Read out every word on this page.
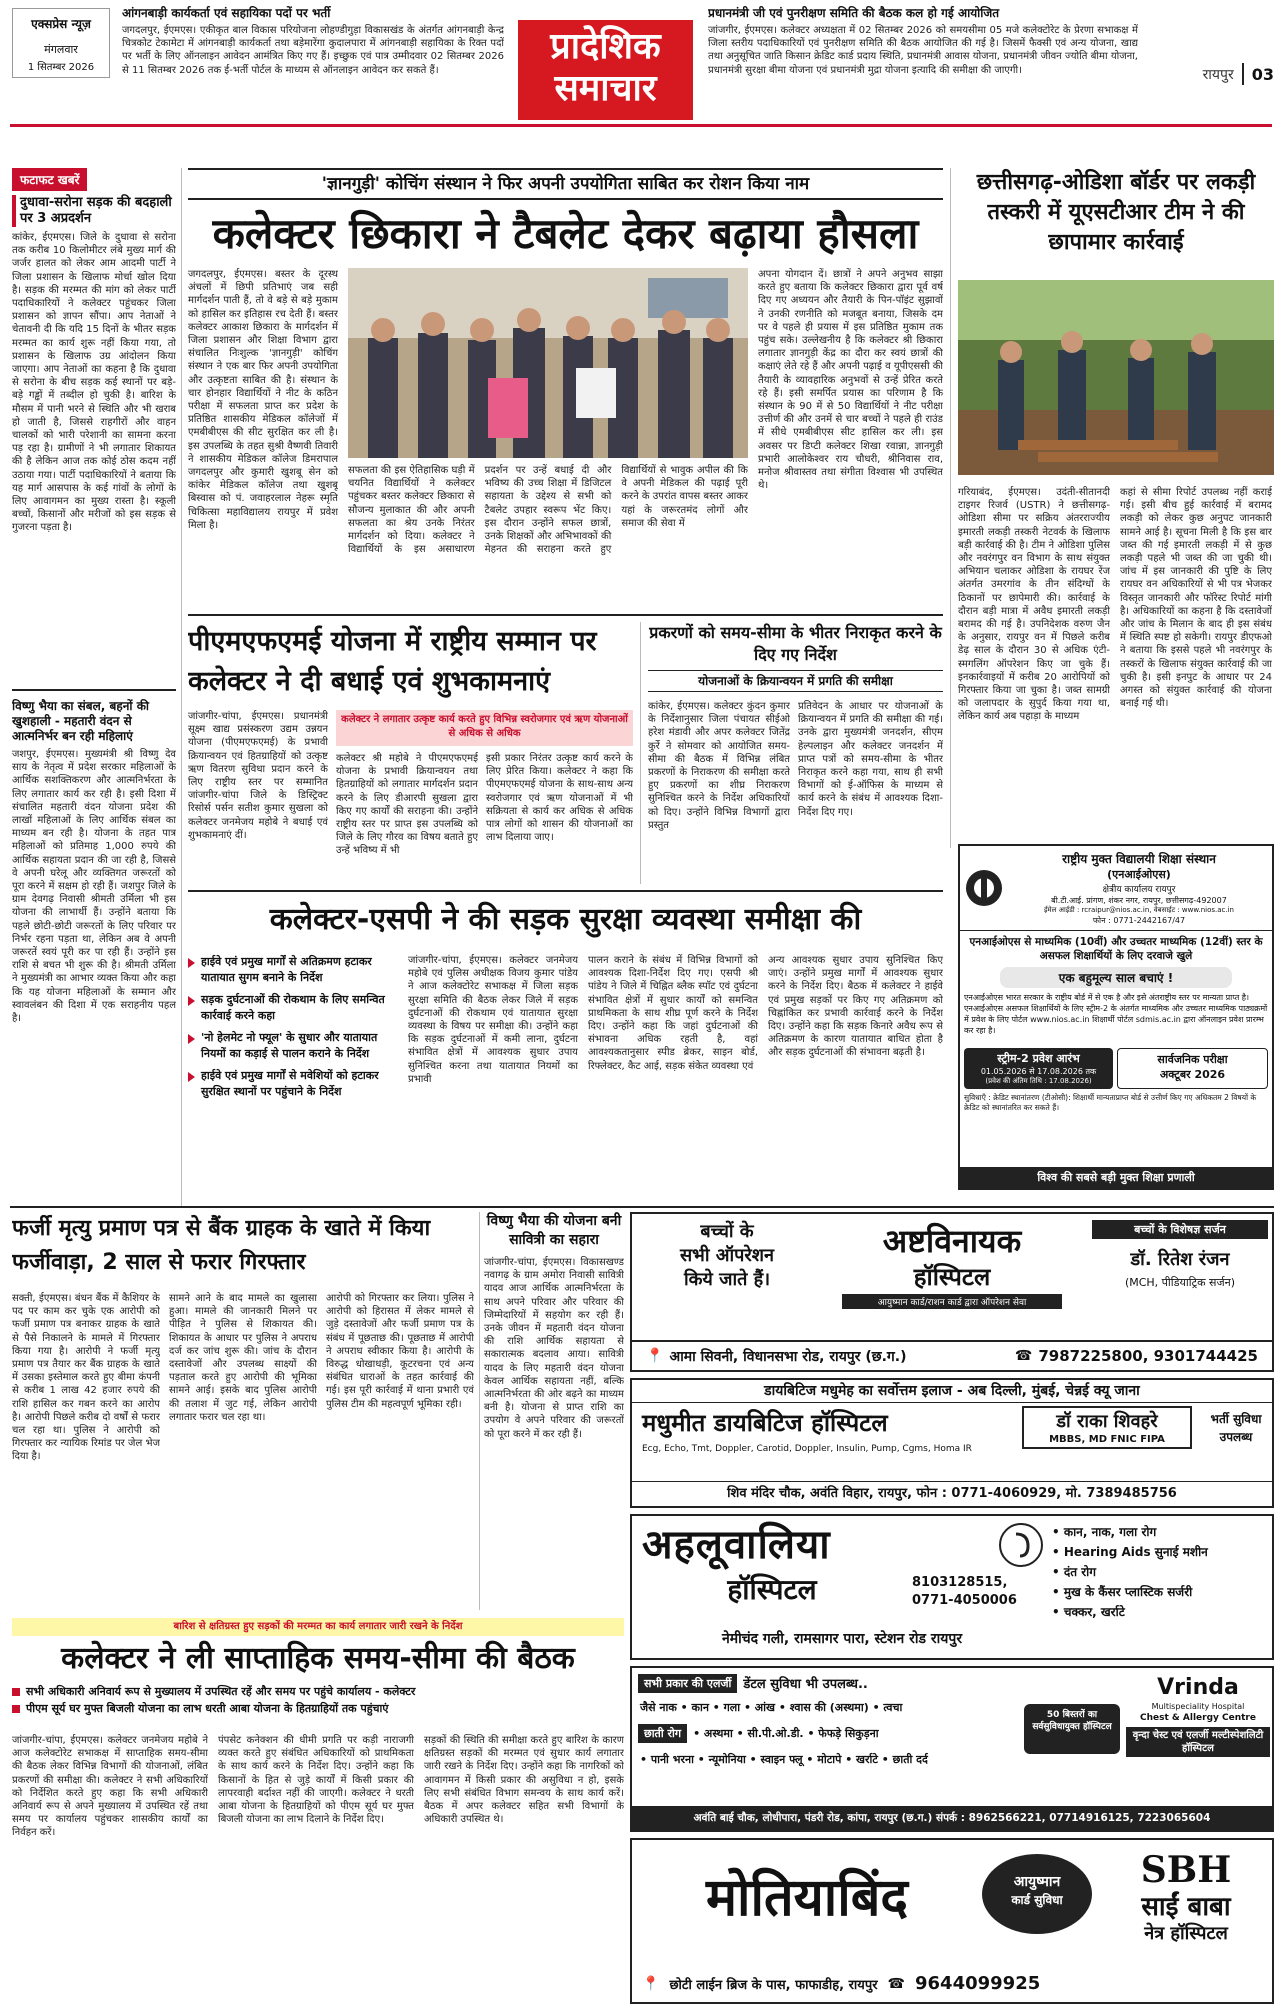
एक्सप्रेस न्यूज़
मंगलवार
1 सितम्बर 2026
आंगनबाड़ी कार्यकर्ता एवं सहायिका पदों पर भर्ती
जगदलपुर, ईएमएस। एकीकृत बाल विकास परियोजना लोहण्डीगुड़ा विकासखंड के अंतर्गत आंगनबाड़ी केन्द्र चित्रकोट टेकामेटा में आंगनबाड़ी कार्यकर्ता तथा बड़ेमारेंगा कुदालपारा में आंगनबाड़ी सहायिका के रिक्त पदों पर भर्ती के लिए ऑनलाइन आवेदन आमंत्रित किए गए हैं। इच्छुक एवं पात्र उम्मीदवार 02 सितम्बर 2026 से 11 सितम्बर 2026 तक ई-भर्ती पोर्टल के माध्यम से ऑनलाइन आवेदन कर सकते हैं।
प्रादेशिक
समाचार
प्रधानमंत्री जी एवं पुनरीक्षण समिति की बैठक कल हो गई आयोजित
जांजगीर, ईएमएस। कलेक्टर अध्यक्षता में 02 सितम्बर 2026 को समयसीमा 05 मजे कलेक्टोरेट के प्रेरणा सभाकक्ष में जिला स्तरीय पदाधिकारियों एवं पुनरीक्षण समिति की बैठक आयोजित की गई है। जिसमें फैक्सी एवं अन्य योजना, खाद्य तथा अनुसूचित जाति किसान क्रेडिट कार्ड प्रदाय स्थिति, प्रधानमंत्री आवास योजना, प्रधानमंत्री जीवन ज्योति बीमा योजना, प्रधानमंत्री सुरक्षा बीमा योजना एवं प्रधानमंत्री मुद्रा योजना इत्यादि की समीक्षा की जाएगी।	रायपुर 03
फटाफट खबरें
दुधावा-सरोना सड़क की बदहाली पर 3 अप्रदर्शन
कांकेर, ईएमएस। जिले के दुधावा से सरोना तक करीब 10 किलोमीटर लंबे मुख्य मार्ग की जर्जर हालत को लेकर आम आदमी पार्टी ने जिला प्रशासन के खिलाफ मोर्चा खोल दिया है। सड़क की मरम्मत की मांग को लेकर पार्टी पदाधिकारियों ने कलेक्टर पहुंचकर जिला प्रशासन को ज्ञापन सौंपा। आप नेताओं ने चेतावनी दी कि यदि 15 दिनों के भीतर सड़क मरम्मत का कार्य शुरू नहीं किया गया, तो प्रशासन के खिलाफ उग्र आंदोलन किया जाएगा। आप नेताओं का कहना है कि दुधावा से सरोना के बीच सड़क कई स्थानों पर बड़े-बड़े गड्ढों में तब्दील हो चुकी है। बारिश के मौसम में पानी भरने से स्थिति और भी खराब हो जाती है, जिससे राहगीरों और वाहन चालकों को भारी परेशानी का सामना करना पड़ रहा है। ग्रामीणों ने भी लगातार शिकायत की है लेकिन आज तक कोई ठोस कदम नहीं उठाया गया। पार्टी पदाधिकारियों ने बताया कि यह मार्ग आसपास के कई गांवों के लोगों के लिए आवागमन का मुख्य रास्ता है। स्कूली बच्चों, किसानों और मरीजों को इस सड़क से गुजरना पड़ता है।
विष्णु भैया का संबल, बहनों की खुशहाली - महतारी वंदन से आत्मनिर्भर बन रही महिलाएं
जशपुर, ईएमएस। मुख्यमंत्री श्री विष्णु देव साय के नेतृत्व में प्रदेश सरकार महिलाओं के आर्थिक सशक्तिकरण और आत्मनिर्भरता के लिए लगातार कार्य कर रही है। इसी दिशा में संचालित महतारी वंदन योजना प्रदेश की लाखों महिलाओं के लिए आर्थिक संबल का माध्यम बन रही है। योजना के तहत पात्र महिलाओं को प्रतिमाह 1,000 रुपये की आर्थिक सहायता प्रदान की जा रही है, जिससे वे अपनी घरेलू और व्यक्तिगत जरूरतों को पूरा करने में सक्षम हो रही हैं। जशपुर जिले के ग्राम देवगढ़ निवासी श्रीमती उर्मिला भी इस योजना की लाभार्थी हैं। उन्होंने बताया कि पहले छोटी-छोटी जरूरतों के लिए परिवार पर निर्भर रहना पड़ता था, लेकिन अब वे अपनी जरूरतें स्वयं पूरी कर पा रही हैं। उन्होंने इस राशि से बचत भी शुरू की है। श्रीमती उर्मिला ने मुख्यमंत्री का आभार व्यक्त किया और कहा कि यह योजना महिलाओं के सम्मान और स्वावलंबन की दिशा में एक सराहनीय पहल है।
'ज्ञानगुड़ी' कोचिंग संस्थान ने फिर अपनी उपयोगिता साबित कर रोशन किया नाम
कलेक्टर छिकारा ने टैबलेट देकर बढ़ाया हौसला
जगदलपुर, ईएमएस। बस्तर के दूरस्थ अंचलों में छिपी प्रतिभाएं जब सही मार्गदर्शन पाती हैं, तो वे बड़े से बड़े मुकाम को हासिल कर इतिहास रच देती हैं। बस्तर कलेक्टर आकाश छिकारा के मार्गदर्शन में जिला प्रशासन और शिक्षा विभाग द्वारा संचालित निःशुल्क 'ज्ञानगुड़ी' कोचिंग संस्थान ने एक बार फिर अपनी उपयोगिता और उत्कृष्टता साबित की है। संस्थान के चार होनहार विद्यार्थियों ने नीट के कठिन परीक्षा में सफलता प्राप्त कर प्रदेश के प्रतिष्ठित शासकीय मेडिकल कॉलेजों में एमबीबीएस की सीट सुरक्षित कर ली है। इस उपलब्धि के तहत सुश्री वैष्णवी तिवारी ने शासकीय मेडिकल कॉलेज डिमरापाल जगदलपुर और कुमारी खुशबू सेन को कांकेर मेडिकल कॉलेज तथा खुशबू बिस्वास को पं. जवाहरलाल नेहरू स्मृति चिकित्सा महाविद्यालय रायपुर में प्रवेश मिला है।
सफलता की इस ऐतिहासिक घड़ी में चयनित विद्यार्थियों ने कलेक्टर पहुंचकर बस्तर कलेक्टर छिकारा से सौजन्य मुलाकात की और अपनी सफलता का श्रेय उनके निरंतर मार्गदर्शन को दिया। कलेक्टर ने विद्यार्थियों के इस असाधारण प्रदर्शन पर उन्हें बधाई दी और भविष्य की उच्च शिक्षा में डिजिटल सहायता के उद्देश्य से सभी को टैबलेट उपहार स्वरूप भेंट किए। इस दौरान उन्होंने सफल छात्रों, उनके शिक्षकों और अभिभावकों की मेहनत की सराहना करते हुए विद्यार्थियों से भावुक अपील की कि वे अपनी मेडिकल की पढ़ाई पूरी करने के उपरांत वापस बस्तर आकर यहां के जरूरतमंद लोगों और समाज की सेवा में
अपना योगदान दें। छात्रों ने अपने अनुभव साझा करते हुए बताया कि कलेक्टर छिकारा द्वारा पूर्व वर्ष दिए गए अध्ययन और तैयारी के पिन-पॉइंट सुझावों ने उनकी रणनीति को मजबूत बनाया, जिसके दम पर वे पहले ही प्रयास में इस प्रतिष्ठित मुकाम तक पहुंच सके। उल्लेखनीय है कि कलेक्टर श्री छिकारा लगातार ज्ञानगुड़ी केंद्र का दौरा कर स्वयं छात्रों की कक्षाएं लेते रहे हैं और अपनी पढ़ाई व यूपीएससी की तैयारी के व्यावहारिक अनुभवों से उन्हें प्रेरित करते रहे हैं। इसी समर्पित प्रयास का परिणाम है कि संस्थान के 90 में से 50 विद्यार्थियों ने नीट परीक्षा उत्तीर्ण की और उनमें से चार बच्चों ने पहले ही राउंड में सीधे एमबीबीएस सीट हासिल कर ली। इस अवसर पर डिप्टी कलेक्टर शिखा रवान्ना, ज्ञानगुड़ी प्रभारी आलोकेश्वर राय चौधरी, श्रीनिवास राव, मनोज श्रीवास्तव तथा संगीता विश्वास भी उपस्थित थे।
छत्तीसगढ़-ओडिशा बॉर्डर पर लकड़ी तस्करी में यूएसटीआर टीम ने की छापामार कार्रवाई
गरियाबंद, ईएमएस। उदंती-सीतानदी टाइगर रिजर्व (USTR) ने छत्तीसगढ़-ओडिशा सीमा पर सक्रिय अंतरराज्यीय इमारती लकड़ी तस्करी नेटवर्क के खिलाफ बड़ी कार्रवाई की है। टीम ने ओडिशा पुलिस और नवरंगपुर वन विभाग के साथ संयुक्त अभियान चलाकर ओडिशा के रायघर रेंज अंतर्गत उमरगांव के तीन संदिग्धों के ठिकानों पर छापेमारी की। कार्रवाई के दौरान बड़ी मात्रा में अवैध इमारती लकड़ी बरामद की गई है। उपनिदेशक वरुण जैन के अनुसार, रायपुर वन में पिछले करीब डेढ़ साल के दौरान 30 से अधिक एंटी-स्मगलिंग ऑपरेशन किए जा चुके हैं। इनकार्रवाइयों में करीब 20 आरोपियों को गिरफ्तार किया जा चुका है। जब्त सामग्री को जलापदार के सुपुर्द किया गया था, लेकिन कार्य अब पहाड़ा के माध्यम
कहां से सीमा रिपोर्ट उपलब्ध नहीं कराई गई। इसी बीच हुई कार्रवाई में बरामद लकड़ी को लेकर कुछ अनुपट जानकारी सामने आई है। सूचना मिली है कि इस बार जब्त की गई इमारती लकड़ी में से कुछ लकड़ी पहले भी जब्त की जा चुकी थी। जांच में इस जानकारी की पुष्टि के लिए रायघर वन अधिकारियों से भी पत्र भेजकर विस्तृत जानकारी और फॉरेस्ट रिपोर्ट मांगी है। अधिकारियों का कहना है कि दस्तावेजों और जांच के मिलान के बाद ही इस संबंध में स्थिति स्पष्ट हो सकेगी। रायपुर डीएफओ ने बताया कि इससे पहले भी नवरंगपुर के तस्करों के खिलाफ संयुक्त कार्रवाई की जा चुकी है। इसी इनपुट के आधार पर 24 अगस्त को संयुक्त कार्रवाई की योजना बनाई गई थी।
पीएमएफएमई योजना में राष्ट्रीय सम्मान पर कलेक्टर ने दी बधाई एवं शुभकामनाएं
जांजगीर-चांपा, ईएमएस। प्रधानमंत्री सूक्ष्म खाद्य प्रसंस्करण उद्यम उन्नयन योजना (पीएमएफएमई) के प्रभावी क्रियान्वयन एवं हितग्राहियों को उत्कृष्ट ऋण वितरण सुविधा प्रदान करने के लिए राष्ट्रीय स्तर पर सम्मानित जांजगीर-चांपा जिले के डिस्ट्रिक्ट रिसोर्स पर्सन सतीश कुमार सुखला को कलेक्टर जनमेजय महोबे ने बधाई एवं शुभकामनाएं दीं।
कलेक्टर ने लगातार उत्कृष्ट कार्य करते हुए विभिन्न स्वरोजगार एवं ऋण योजनाओं से अधिक से अधिक
कलेक्टर श्री महोबे ने पीएमएफएमई योजना के प्रभावी क्रियान्वयन तथा हितग्राहियों को लगातार मार्गदर्शन प्रदान करने के लिए डीआरपी सुखला द्वारा किए गए कार्यों की सराहना की। उन्होंने राष्ट्रीय स्तर पर प्राप्त इस उपलब्धि को जिले के लिए गौरव का विषय बताते हुए उन्हें भविष्य में भी
इसी प्रकार निरंतर उत्कृष्ट कार्य करने के लिए प्रेरित किया। कलेक्टर ने कहा कि पीएमएफएमई योजना के साथ-साथ अन्य स्वरोजगार एवं ऋण योजनाओं में भी सक्रियता से कार्य कर अधिक से अधिक पात्र लोगों को शासन की योजनाओं का लाभ दिलाया जाए।
प्रकरणों को समय-सीमा के भीतर निराकृत करने के दिए गए निर्देश
योजनाओं के क्रियान्वयन में प्रगति की समीक्षा
कांकेर, ईएमएस। कलेक्टर कुंदन कुमार के निर्देशानुसार जिला पंचायत सीईओ हरेश मंडावी और अपर कलेक्टर जितेंद्र कुर्रे ने सोमवार को आयोजित समय-सीमा की बैठक में विभिन्न लंबित प्रकरणों के निराकरण की समीक्षा करते हुए प्रकरणों का शीघ्र निराकरण सुनिश्चित करने के निर्देश अधिकारियों को दिए। उन्होंने विभिन्न विभागों द्वारा प्रस्तुत
प्रतिवेदन के आधार पर योजनाओं के क्रियान्वयन में प्रगति की समीक्षा की गई। उनके द्वारा मुख्यमंत्री जनदर्शन, सीएम हेल्पलाइन और कलेक्टर जनदर्शन में प्राप्त पत्रों को समय-सीमा के भीतर निराकृत करने कहा गया, साथ ही सभी विभागों को ई-ऑफिस के माध्यम से कार्य करने के संबंध में आवश्यक दिशा-निर्देश दिए गए।
कलेक्टर-एसपी ने की सड़क सुरक्षा व्यवस्था समीक्षा की
हाईवे एवं प्रमुख मार्गों से अतिक्रमण हटाकर यातायात सुगम बनाने के निर्देश
सड़क दुर्घटनाओं की रोकथाम के लिए समन्वित कार्रवाई करने कहा
'नो हेलमेट नो फ्यूल' के सुधार और यातायात नियमों का कड़ाई से पालन कराने के निर्देश
हाईवे एवं प्रमुख मार्गों से मवेशियों को हटाकर सुरक्षित स्थानों पर पहुंचाने के निर्देश
जांजगीर-चांपा, ईएमएस। कलेक्टर जनमेजय महोबे एवं पुलिस अधीक्षक विजय कुमार पांडेय ने आज कलेक्टोरेट सभाकक्ष में जिला सड़क सुरक्षा समिति की बैठक लेकर जिले में सड़क दुर्घटनाओं की रोकथाम एवं यातायात सुरक्षा व्यवस्था के विषय पर समीक्षा की। उन्होंने कहा कि सड़क दुर्घटनाओं में कमी लाना, दुर्घटना संभावित क्षेत्रों में आवश्यक सुधार उपाय सुनिश्चित करना तथा यातायात नियमों का प्रभावी
पालन कराने के संबंध में विभिन्न विभागों को आवश्यक दिशा-निर्देश दिए गए। एसपी श्री पांडेय ने जिले में चिह्नित ब्लैक स्पॉट एवं दुर्घटना संभावित क्षेत्रों में सुधार कार्यों को समन्वित प्राथमिकता के साथ शीघ्र पूर्ण करने के निर्देश दिए। उन्होंने कहा कि जहां दुर्घटनाओं की संभावना अधिक रहती है, वहां आवश्यकतानुसार स्पीड ब्रेकर, साइन बोर्ड, रिफ्लेक्टर, कैट आई, सड़क संकेत व्यवस्था एवं
अन्य आवश्यक सुधार उपाय सुनिश्चित किए जाएं। उन्होंने प्रमुख मार्गों में आवश्यक सुधार करने के निर्देश दिए। बैठक में कलेक्टर ने हाईवे एवं प्रमुख सड़कों पर किए गए अतिक्रमण को चिह्नांकित कर प्रभावी कार्रवाई करने के निर्देश दिए। उन्होंने कहा कि सड़क किनारे अवैध रूप से अतिक्रमण के कारण यातायात बाधित होता है और सड़क दुर्घटनाओं की संभावना बढ़ती है।
राष्ट्रीय मुक्त विद्यालयी शिक्षा संस्थान
(एनआईओएस)
क्षेत्रीय कार्यालय रायपुर
बी.टी.आई. प्रांगण, शंकर नगर, रायपुर, छत्तीसगढ़-492007
ईमेल आईडी : rcraipur@nios.ac.in, वेबसाईट : www.nios.ac.in
फोन : 0771-2442167/47
एनआईओएस से माध्यमिक (10वीं) और उच्चतर माध्यमिक (12वीं) स्तर के असफल शिक्षार्थियों के लिए दरवाजे खुले
एक बहुमूल्य साल बचाएं !
एनआईओएस भारत सरकार के राष्ट्रीय बोर्ड में से एक है और इसे अंतराष्ट्रीय स्तर पर मान्यता प्राप्त है। एनआईओएस असफल शिक्षार्थियों के लिए स्ट्रीम-2 के अंतर्गत माध्यमिक और उच्चतर माध्यमिक पाठ्यक्रमों में प्रवेश के लिए पोर्टल www.nios.ac.in शिक्षार्थी पोर्टल sdmis.ac.in द्वारा ऑनलाइन प्रवेश प्रारम्भ कर रहा है।
स्ट्रीम-2 प्रवेश आरंभ
01.05.2026 से 17.08.2026 तक
(प्रवेश की अंतिम तिथि : 17.08.2026)
सार्वजनिक परीक्षा
अक्टूबर 2026
सुविधाएँ : क्रेडिट स्थानांतरण (टीओसी): शिक्षार्थी मान्यताप्राप्त बोर्ड से उत्तीर्ण किए गए अधिकतम 2 विषयों के क्रेडिट को स्थानांतरित कर सकते हैं।
विश्व की सबसे बड़ी मुक्त शिक्षा प्रणाली
फर्जी मृत्यु प्रमाण पत्र से बैंक ग्राहक के खाते में किया फर्जीवाड़ा, 2 साल से फरार गिरफ्तार
सक्ती, ईएमएस। बंधन बैंक में कैशियर के पद पर काम कर चुके एक आरोपी को फर्जी प्रमाण पत्र बनाकर ग्राहक के खाते से पैसे निकालने के मामले में गिरफ्तार किया गया है। आरोपी ने फर्जी मृत्यु प्रमाण पत्र तैयार कर बैंक ग्राहक के खाते में उसका इस्तेमाल करते हुए बीमा कंपनी से करीब 1 लाख 42 हजार रुपये की राशि हासिल कर गबन करने का आरोप है। आरोपी पिछले करीब दो वर्षों से फरार चल रहा था। पुलिस ने आरोपी को गिरफ्तार कर न्यायिक रिमांड पर जेल भेज दिया है।
सामने आने के बाद मामले का खुलासा हुआ। मामले की जानकारी मिलने पर पीड़ित ने पुलिस से शिकायत की। शिकायत के आधार पर पुलिस ने अपराध दर्ज कर जांच शुरू की। जांच के दौरान दस्तावेजों और उपलब्ध साक्ष्यों की पड़ताल करते हुए आरोपी की भूमिका सामने आई। इसके बाद पुलिस आरोपी की तलाश में जुट गई, लेकिन आरोपी लगातार फरार चल रहा था।
आरोपी को गिरफ्तार कर लिया। पुलिस ने आरोपी को हिरासत में लेकर मामले से जुड़े दस्तावेजों और फर्जी प्रमाण पत्र के संबंध में पूछताछ की। पूछताछ में आरोपी ने अपराध स्वीकार किया है। आरोपी के विरुद्ध धोखाधड़ी, कूटरचना एवं अन्य संबंधित धाराओं के तहत कार्रवाई की गई। इस पूरी कार्रवाई में थाना प्रभारी एवं पुलिस टीम की महत्वपूर्ण भूमिका रही।
विष्णु भैया की योजना बनी सावित्री का सहारा
जांजगीर-चांपा, ईएमएस। विकासखण्ड नवागढ़ के ग्राम अमोरा निवासी सावित्री यादव आज आर्थिक आत्मनिर्भरता के साथ अपने परिवार और परिवार की जिम्मेदारियों में सहयोग कर रही हैं। उनके जीवन में महतारी वंदन योजना की राशि आर्थिक सहायता से सकारात्मक बदलाव आया। सावित्री यादव के लिए महतारी वंदन योजना केवल आर्थिक सहायता नहीं, बल्कि आत्मनिर्भरता की ओर बढ़ने का माध्यम बनी है। योजना से प्राप्त राशि का उपयोग वे अपने परिवार की जरूरतों को पूरा करने में कर रही हैं।
बारिश से क्षतिग्रस्त हुए सड़कों की मरम्मत का कार्य लगातार जारी रखने के निर्देश
कलेक्टर ने ली साप्ताहिक समय-सीमा की बैठक
सभी अधिकारी अनिवार्य रूप से मुख्यालय में उपस्थित रहें और समय पर पहुंचे कार्यालय - कलेक्टर
पीएम सूर्य घर मुफ्त बिजली योजना का लाभ धरती आबा योजना के हितग्राहियों तक पहुंचाएं
जांजगीर-चांपा, ईएमएस। कलेक्टर जनमेजय महोबे ने आज कलेक्टोरेट सभाकक्ष में साप्ताहिक समय-सीमा की बैठक लेकर विभिन्न विभागों की योजनाओं, लंबित प्रकरणों की समीक्षा की। कलेक्टर ने सभी अधिकारियों को निर्देशित करते हुए कहा कि सभी अधिकारी अनिवार्य रूप से अपने मुख्यालय में उपस्थित रहें तथा समय पर कार्यालय पहुंचकर शासकीय कार्यों का निर्वहन करें।
पंपसेट कनेक्शन की धीमी प्रगति पर कड़ी नाराजगी व्यक्त करते हुए संबंधित अधिकारियों को प्राथमिकता के साथ कार्य करने के निर्देश दिए। उन्होंने कहा कि किसानों के हित से जुड़े कार्यों में किसी प्रकार की लापरवाही बर्दाश्त नहीं की जाएगी। कलेक्टर ने धरती आबा योजना के हितग्राहियों को पीएम सूर्य घर मुफ्त बिजली योजना का लाभ दिलाने के निर्देश दिए।
सड़कों की स्थिति की समीक्षा करते हुए बारिश के कारण क्षतिग्रस्त सड़कों की मरम्मत एवं सुधार कार्य लगातार जारी रखने के निर्देश दिए। उन्होंने कहा कि नागरिकों को आवागमन में किसी प्रकार की असुविधा न हो, इसके लिए सभी संबंधित विभाग समन्वय के साथ कार्य करें। बैठक में अपर कलेक्टर सहित सभी विभागों के अधिकारी उपस्थित थे।
बच्चों के
सभी ऑपरेशन
किये जाते हैं।
अष्टविनायक
हॉस्पिटल
आयुष्मान कार्ड/राशन कार्ड द्वारा ऑपरेशन सेवा
बच्चों के विशेषज्ञ सर्जन
डॉ. रितेश रंजन
(MCH, पीडियाट्रिक सर्जन)
📍 आमा सिवनी, विधानसभा रोड, रायपुर (छ.ग.)	☎ 7987225800, 9301744425
डायबिटिज मधुमेह का सर्वोत्तम इलाज - अब दिल्ली, मुंबई, चेन्नई क्यू जाना
मधुमीत डायबिटिज हॉस्पिटल
Ecg, Echo, Tmt, Doppler, Carotid, Doppler, Insulin, Pump, Cgms, Homa IR
डॉ राका शिवहरे
MBBS, MD FNIC FIPA
भर्ती सुविधा उपलब्ध
शिव मंदिर चौक, अवंति विहार, रायपुर, फोन : 0771-4060929, मो. 7389485756
अहलूवालिया
हॉस्पिटल	8103128515,
0771-4050006
• कान, नाक, गला रोग
• Hearing Aids सुनाई मशीन
• दंत रोग
• मुख के कैंसर प्लास्टिक सर्जरी
• चक्कर, खर्राटे
नेमीचंद गली, रामसागर पारा, स्टेशन रोड रायपुर
सभी प्रकार की एलर्जी डेंटल सुविधा भी उपलब्ध..
जैसे नाक • कान • गला • आंख • श्वास की (अस्थमा) • त्वचा
छाती रोग	• अस्थमा • सी.पी.ओ.डी. • फेफड़े सिकुड़ना
• पानी भरना • न्यूमोनिया • स्वाइन फ्लू • मोटापे • खर्राटे • छाती दर्द
50 बिस्तरों का सर्वसुविधायुक्त हॉस्पिटल
Vrinda
Multispeciality Hospital
Chest & Allergy Centre
वृन्दा चेस्ट एवं एलर्जी मल्टीस्पेशलिटी हॉस्पिटल
अवंति बाई चौक, लोधीपारा, पंडरी रोड, कांपा, रायपुर (छ.ग.) संपर्क : 8962566221, 07714916125, 7223065604
मोतियाबिंद	आयुष्मान
कार्ड सुविधा
SBH
साईं बाबा
नेत्र हॉस्पिटल
📍 छोटी लाईन ब्रिज के पास, फाफाडीह, रायपुर ☎ 9644099925
